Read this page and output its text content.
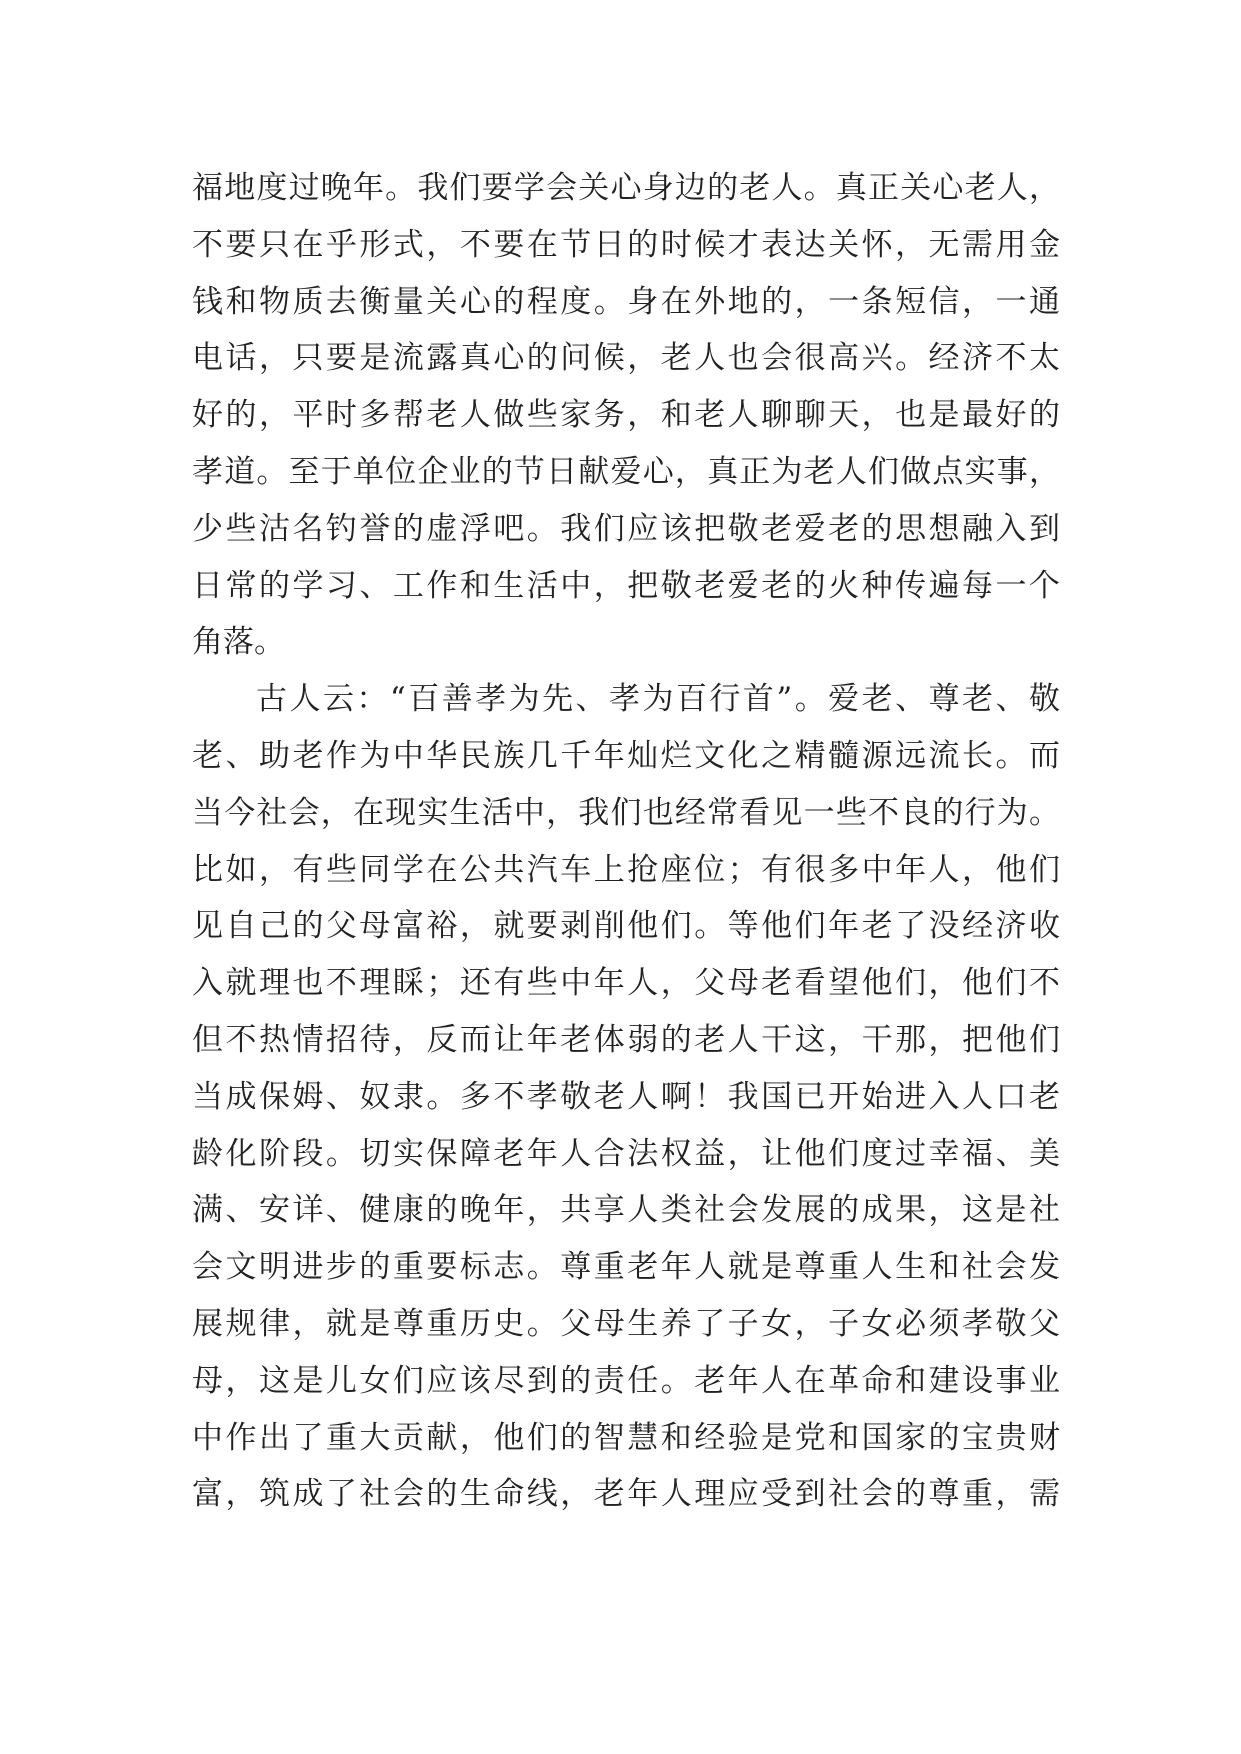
福地度过晚年。我们要学会关心身边的老人。真正关心老人，
不要只在乎形式，不要在节日的时候才表达关怀，无需用金
钱和物质去衡量关心的程度。身在外地的，一条短信，一通
电话，只要是流露真心的问候，老人也会很高兴。经济不太
好的，平时多帮老人做些家务，和老人聊聊天，也是最好的
孝道。至于单位企业的节日献爱心，真正为老人们做点实事，
少些沽名钓誉的虚浮吧。我们应该把敬老爱老的思想融入到
日常的学习、工作和生活中，把敬老爱老的火种传遍每一个
角落。
古人云：“百善孝为先、孝为百行首”。爱老、尊老、敬
老、助老作为中华民族几千年灿烂文化之精髓源远流长。而
当今社会，在现实生活中，我们也经常看见一些不良的行为。
比如，有些同学在公共汽车上抢座位；有很多中年人，他们
见自己的父母富裕，就要剥削他们。等他们年老了没经济收
入就理也不理睬；还有些中年人，父母老看望他们，他们不
但不热情招待，反而让年老体弱的老人干这，干那，把他们
当成保姆、奴隶。多不孝敬老人啊！我国已开始进入人口老
龄化阶段。切实保障老年人合法权益，让他们度过幸福、美
满、安详、健康的晚年，共享人类社会发展的成果，这是社
会文明进步的重要标志。尊重老年人就是尊重人生和社会发
展规律，就是尊重历史。父母生养了子女，子女必须孝敬父
母，这是儿女们应该尽到的责任。老年人在革命和建设事业
中作出了重大贡献，他们的智慧和经验是党和国家的宝贵财
富，筑成了社会的生命线，老年人理应受到社会的尊重，需
